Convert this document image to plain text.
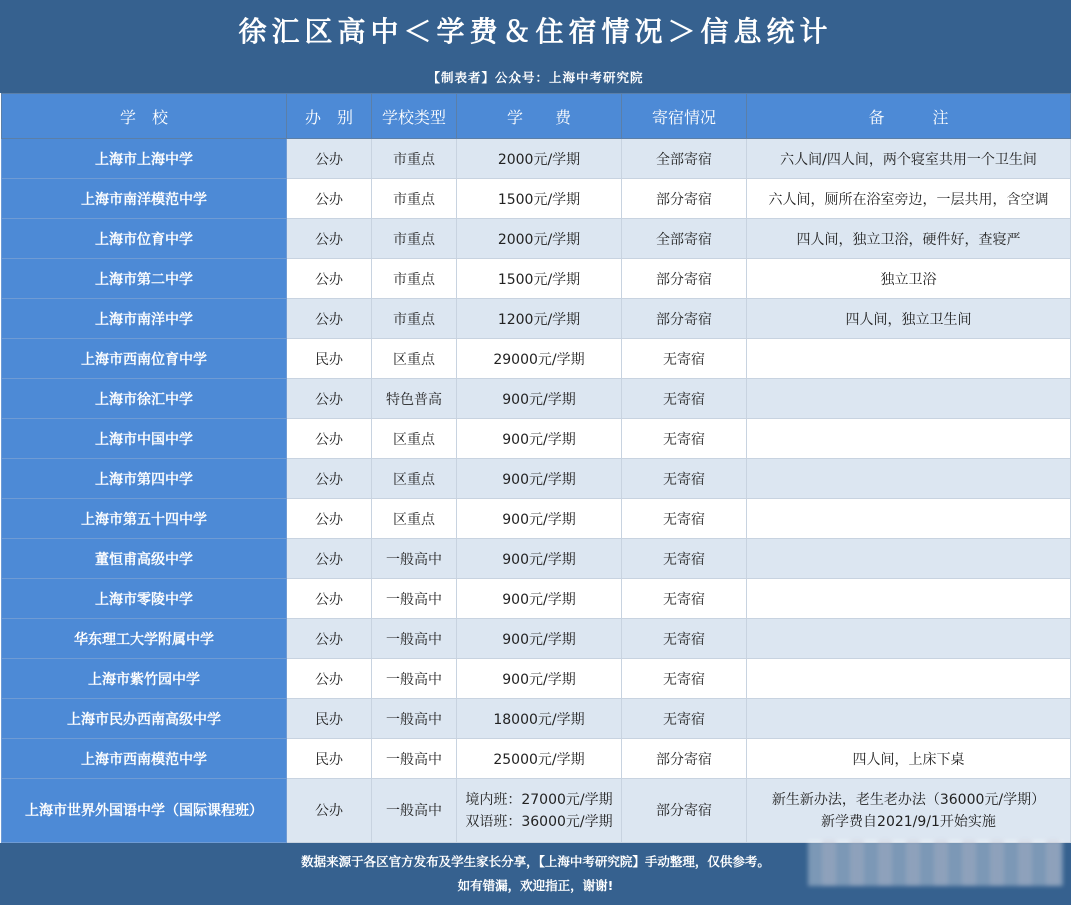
徐汇区高中＜学费＆住宿情况＞信息统计
【制表者】公众号：上海中考研究院
学　校	办　别	学校类型	学　　费	寄宿情况	备　　　注
上海市上海中学	公办	市重点	2000元/学期	全部寄宿	六人间/四人间，两个寝室共用一个卫生间
上海市南洋模范中学	公办	市重点	1500元/学期	部分寄宿	六人间，厕所在浴室旁边，一层共用，含空调
上海市位育中学	公办	市重点	2000元/学期	全部寄宿	四人间，独立卫浴，硬件好，查寝严
上海市第二中学	公办	市重点	1500元/学期	部分寄宿	独立卫浴
上海市南洋中学	公办	市重点	1200元/学期	部分寄宿	四人间，独立卫生间
上海市西南位育中学	民办	区重点	29000元/学期	无寄宿	
上海市徐汇中学	公办	特色普高	900元/学期	无寄宿	
上海市中国中学	公办	区重点	900元/学期	无寄宿	
上海市第四中学	公办	区重点	900元/学期	无寄宿	
上海市第五十四中学	公办	区重点	900元/学期	无寄宿	
董恒甫高级中学	公办	一般高中	900元/学期	无寄宿	
上海市零陵中学	公办	一般高中	900元/学期	无寄宿	
华东理工大学附属中学	公办	一般高中	900元/学期	无寄宿	
上海市紫竹园中学	公办	一般高中	900元/学期	无寄宿	
上海市民办西南高级中学	民办	一般高中	18000元/学期	无寄宿	
上海市西南模范中学	民办	一般高中	25000元/学期	部分寄宿	四人间，上床下桌
上海市世界外国语中学（国际课程班）	公办	一般高中	境内班：27000元/学期
双语班：36000元/学期	部分寄宿	新生新办法，老生老办法（36000元/学期）
新学费自2021/9/1开始实施
数据来源于各区官方发布及学生家长分享，【上海中考研究院】手动整理，仅供参考。
如有错漏，欢迎指正，谢谢!
